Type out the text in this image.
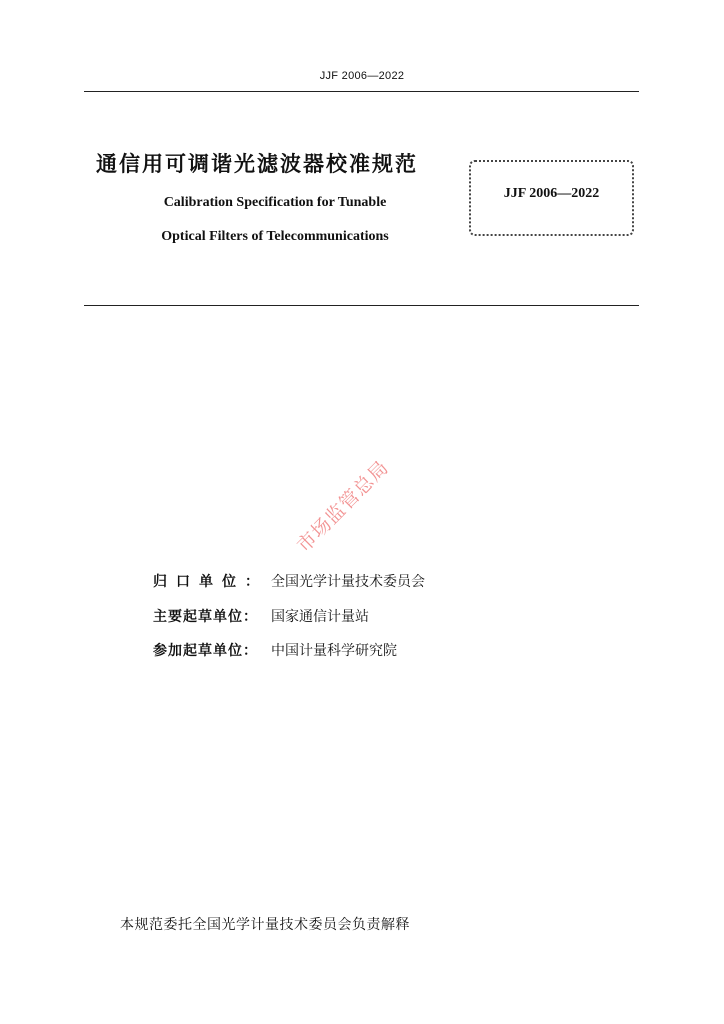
JJF 2006—2022
通信用可调谐光滤波器校准规范
Calibration Specification for Tunable
Optical Filters of Telecommunications
JJF 2006—2022
市场监管总局
归口单位： 全国光学计量技术委员会
主要起草单位： 国家通信计量站
参加起草单位： 中国计量科学研究院
本规范委托全国光学计量技术委员会负责解释
